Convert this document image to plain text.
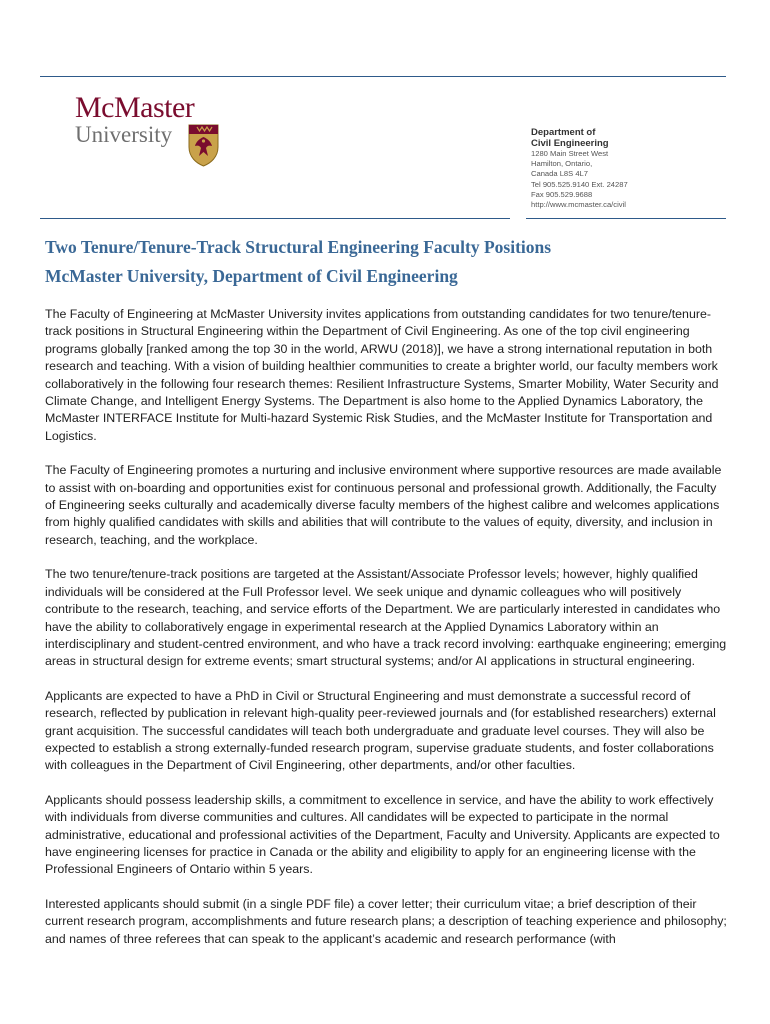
McMaster
University	Department of

Civil Engineering

1280 Main Street West

Hamilton, Ontario,

Canada L8S 4L7

Tel 905.525.9140 Ext. 24287

Fax 905.529.9688

http://www.mcmaster.ca/civil

Two Tenure/Tenure-Track Structural Engineering Faculty Positions
McMaster University, Department of Civil Engineering

The Faculty of Engineering at McMaster University invites applications from outstanding candidates for two tenure/tenure-track positions in Structural Engineering within the Department of Civil Engineering. As one of the top civil engineering programs globally [ranked among the top 30 in the world, ARWU (2018)], we have a strong international reputation in both research and teaching. With a vision of building healthier communities to create a brighter world, our faculty members work collaboratively in the following four research themes: Resilient Infrastructure Systems, Smarter Mobility, Water Security and Climate Change, and Intelligent Energy Systems. The Department is also home to the Applied Dynamics Laboratory, the McMaster INTERFACE Institute for Multi-hazard Systemic Risk Studies, and the McMaster Institute for Transportation and Logistics.

The Faculty of Engineering promotes a nurturing and inclusive environment where supportive resources are made available to assist with on-boarding and opportunities exist for continuous personal and professional growth. Additionally, the Faculty of Engineering seeks culturally and academically diverse faculty members of the highest calibre and welcomes applications from highly qualified candidates with skills and abilities that will contribute to the values of equity, diversity, and inclusion in research, teaching, and the workplace.

The two tenure/tenure-track positions are targeted at the Assistant/Associate Professor levels; however, highly qualified individuals will be considered at the Full Professor level. We seek unique and dynamic colleagues who will positively contribute to the research, teaching, and service efforts of the Department. We are particularly interested in candidates who have the ability to collaboratively engage in experimental research at the Applied Dynamics Laboratory within an interdisciplinary and student-centred environment, and who have a track record involving: earthquake engineering; emerging areas in structural design for extreme events; smart structural systems; and/or AI applications in structural engineering.

Applicants are expected to have a PhD in Civil or Structural Engineering and must demonstrate a successful record of research, reflected by publication in relevant high-quality peer-reviewed journals and (for established researchers) external grant acquisition. The successful candidates will teach both undergraduate and graduate level courses. They will also be expected to establish a strong externally-funded research program, supervise graduate students, and foster collaborations with colleagues in the Department of Civil Engineering, other departments, and/or other faculties.

Applicants should possess leadership skills, a commitment to excellence in service, and have the ability to work effectively with individuals from diverse communities and cultures. All candidates will be expected to participate in the normal administrative, educational and professional activities of the Department, Faculty and University. Applicants are expected to have engineering licenses for practice in Canada or the ability and eligibility to apply for an engineering license with the Professional Engineers of Ontario within 5 years.

Interested applicants should submit (in a single PDF file) a cover letter; their curriculum vitae; a brief description of their current research program, accomplishments and future research plans; a description of teaching experience and philosophy; and names of three referees that can speak to the applicant’s academic and research performance (with
